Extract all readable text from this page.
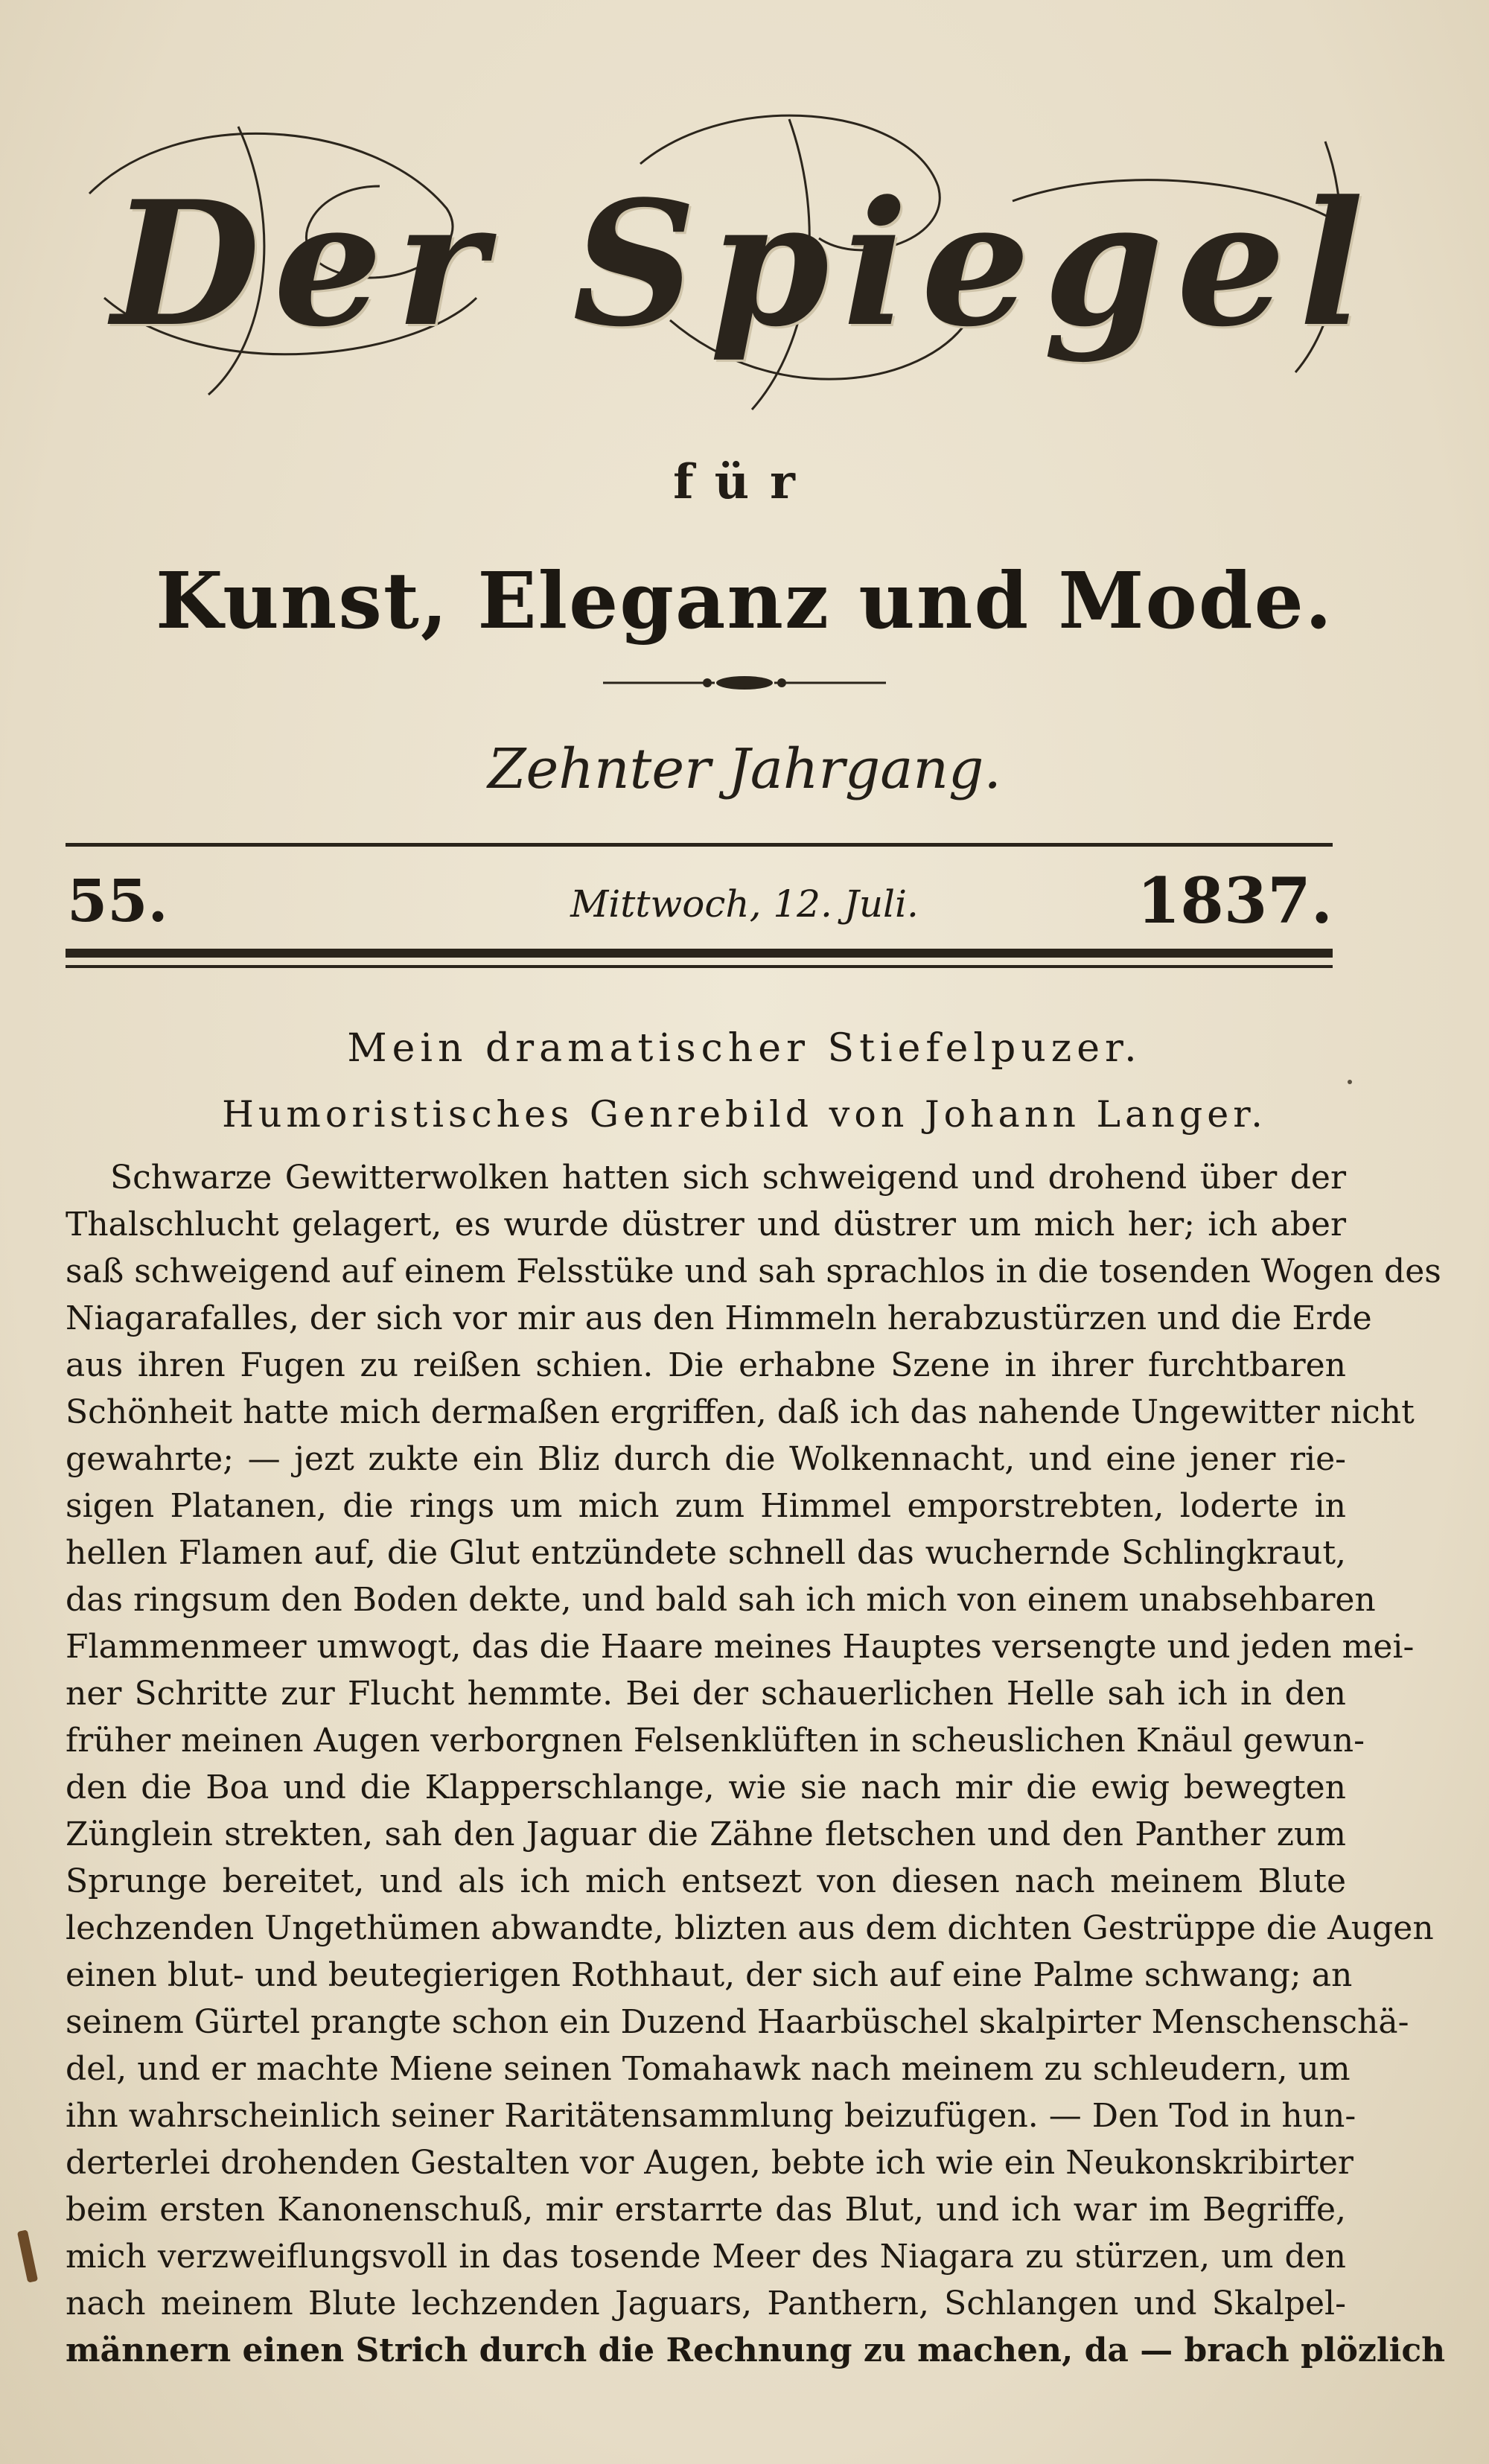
Der Spiegel
für
Kunst, Eleganz und Mode.
Zehnter Jahrgang.
55.	Mittwoch, 12. Juli.	1837.
Mein dramatischer Stiefelpuzer.
Humoristisches Genrebild von Johann Langer.
Schwarze Gewitterwolken hatten sich schweigend und drohend über der
Thalschlucht gelagert, es wurde düstrer und düstrer um mich her; ich aber
saß schweigend auf einem Felsstüke und sah sprachlos in die tosenden Wogen des
Niagarafalles, der sich vor mir aus den Himmeln herabzustürzen und die Erde
aus ihren Fugen zu reißen schien. Die erhabne Szene in ihrer furchtbaren
Schönheit hatte mich dermaßen ergriffen, daß ich das nahende Ungewitter nicht
gewahrte; — jezt zukte ein Bliz durch die Wolkennacht, und eine jener rie-
sigen Platanen, die rings um mich zum Himmel emporstrebten, loderte in
hellen Flamen auf, die Glut entzündete schnell das wuchernde Schlingkraut,
das ringsum den Boden dekte, und bald sah ich mich von einem unabsehbaren
Flammenmeer umwogt, das die Haare meines Hauptes versengte und jeden mei-
ner Schritte zur Flucht hemmte. Bei der schauerlichen Helle sah ich in den
früher meinen Augen verborgnen Felsenklüften in scheuslichen Knäul gewun-
den die Boa und die Klapperschlange, wie sie nach mir die ewig bewegten
Zünglein strekten, sah den Jaguar die Zähne fletschen und den Panther zum
Sprunge bereitet, und als ich mich entsezt von diesen nach meinem Blute
lechzenden Ungethümen abwandte, blizten aus dem dichten Gestrüppe die Augen
einen blut- und beutegierigen Rothhaut, der sich auf eine Palme schwang; an
seinem Gürtel prangte schon ein Duzend Haarbüschel skalpirter Menschenschä-
del, und er machte Miene seinen Tomahawk nach meinem zu schleudern, um
ihn wahrscheinlich seiner Raritätensammlung beizufügen. — Den Tod in hun-
derterlei drohenden Gestalten vor Augen, bebte ich wie ein Neukonskribirter
beim ersten Kanonenschuß, mir erstarrte das Blut, und ich war im Begriffe,
mich verzweiflungsvoll in das tosende Meer des Niagara zu stürzen, um den
nach meinem Blute lechzenden Jaguars, Panthern, Schlangen und Skalpel-
männern einen Strich durch die Rechnung zu machen, da — brach plözlich
